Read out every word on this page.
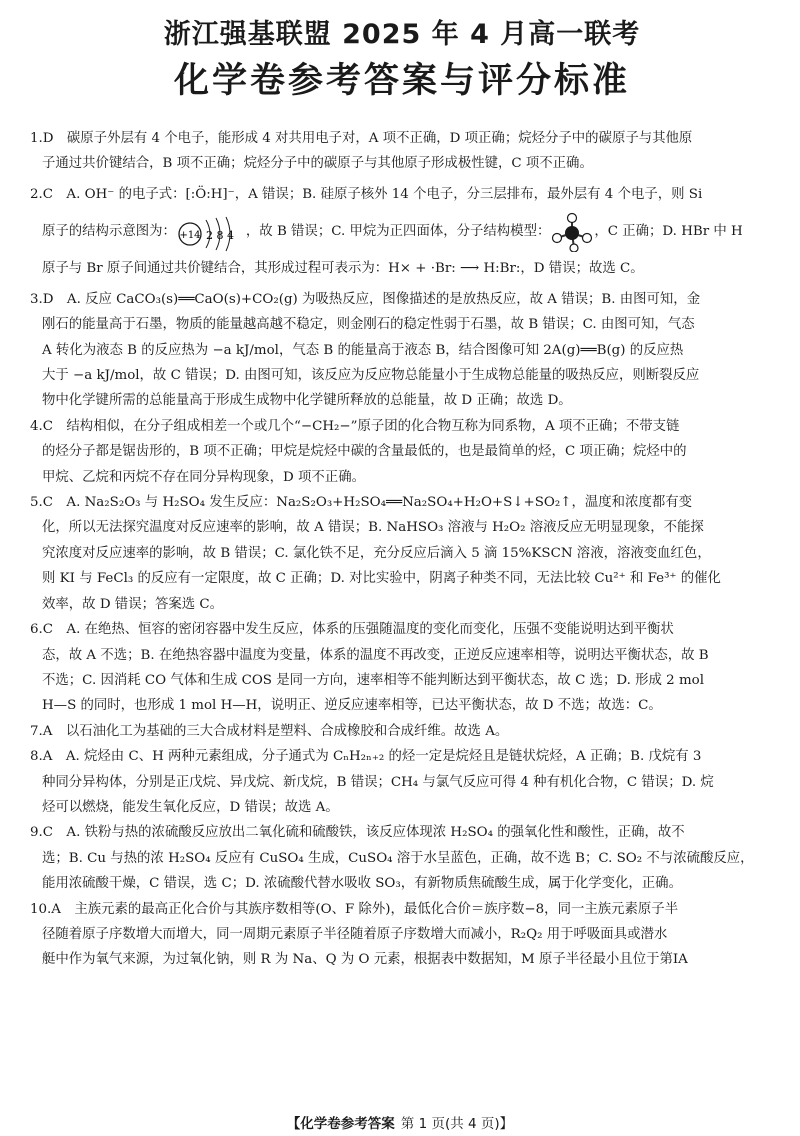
浙江强基联盟 2025 年 4 月高一联考
化学卷参考答案与评分标准

1.D　碳原子外层有 4 个电子，能形成 4 对共用电子对，A 项不正确，D 项正确；烷烃分子中的碳原子与其他原

子通过共价键结合，B 项不正确；烷烃分子中的碳原子与其他原子形成极性键，C 项不正确。

2.C　A. OH⁻ 的电子式：[:Ö:H]⁻，A 错误；B. 硅原子核外 14 个电子，分三层排布，最外层有 4 个电子，则 Si

原子的结构示意图为： +14 2 8 4 ，故 B 错误；C. 甲烷为正四面体，分子结构模型：	，C 正确；D. HBr 中 H

原子与 Br 原子间通过共价键结合，其形成过程可表示为：H× + ·Br: ⟶ H:Br:，D 错误；故选 C。

3.D　A. 反应 CaCO₃(s)══CaO(s)+CO₂(g) 为吸热反应，图像描述的是放热反应，故 A 错误；B. 由图可知，金

刚石的能量高于石墨，物质的能量越高越不稳定，则金刚石的稳定性弱于石墨，故 B 错误；C. 由图可知，气态

A 转化为液态 B 的反应热为 −a kJ/mol，气态 B 的能量高于液态 B，结合图像可知 2A(g)══B(g) 的反应热

大于 −a kJ/mol，故 C 错误；D. 由图可知，该反应为反应物总能量小于生成物总能量的吸热反应，则断裂反应

物中化学键所需的总能量高于形成生成物中化学键所释放的总能量，故 D 正确；故选 D。

4.C　结构相似，在分子组成相差一个或几个“−CH₂−”原子团的化合物互称为同系物，A 项不正确；不带支链

的烃分子都是锯齿形的，B 项不正确；甲烷是烷烃中碳的含量最低的，也是最简单的烃，C 项正确；烷烃中的

甲烷、乙烷和丙烷不存在同分异构现象，D 项不正确。

5.C　A. Na₂S₂O₃ 与 H₂SO₄ 发生反应：Na₂S₂O₃+H₂SO₄══Na₂SO₄+H₂O+S↓+SO₂↑，温度和浓度都有变

化，所以无法探究温度对反应速率的影响，故 A 错误；B. NaHSO₃ 溶液与 H₂O₂ 溶液反应无明显现象，不能探

究浓度对反应速率的影响，故 B 错误；C. 氯化铁不足，充分反应后滴入 5 滴 15%KSCN 溶液，溶液变血红色，

则 KI 与 FeCl₃ 的反应有一定限度，故 C 正确；D. 对比实验中，阴离子种类不同，无法比较 Cu²⁺ 和 Fe³⁺ 的催化

效率，故 D 错误；答案选 C。

6.C　A. 在绝热、恒容的密闭容器中发生反应，体系的压强随温度的变化而变化，压强不变能说明达到平衡状

态，故 A 不选；B. 在绝热容器中温度为变量，体系的温度不再改变，正逆反应速率相等，说明达平衡状态，故 B

不选；C. 因消耗 CO 气体和生成 COS 是同一方向，速率相等不能判断达到平衡状态，故 C 选；D. 形成 2 mol

H—S 的同时，也形成 1 mol H—H，说明正、逆反应速率相等，已达平衡状态，故 D 不选；故选：C。

7.A　以石油化工为基础的三大合成材料是塑料、合成橡胶和合成纤维。故选 A。

8.A　A. 烷烃由 C、H 两种元素组成，分子通式为 CₙH₂ₙ₊₂ 的烃一定是烷烃且是链状烷烃，A 正确；B. 戊烷有 3

种同分异构体，分别是正戊烷、异戊烷、新戊烷，B 错误；CH₄ 与氯气反应可得 4 种有机化合物，C 错误；D. 烷

烃可以燃烧，能发生氧化反应，D 错误；故选 A。

9.C　A. 铁粉与热的浓硫酸反应放出二氧化硫和硫酸铁，该反应体现浓 H₂SO₄ 的强氧化性和酸性，正确，故不

选；B. Cu 与热的浓 H₂SO₄ 反应有 CuSO₄ 生成，CuSO₄ 溶于水呈蓝色，正确，故不选 B；C. SO₂ 不与浓硫酸反应，

能用浓硫酸干燥，C 错误，选 C；D. 浓硫酸代替水吸收 SO₃，有新物质焦硫酸生成，属于化学变化，正确。

10.A　主族元素的最高正化合价与其族序数相等(O、F 除外)，最低化合价＝族序数−8，同一主族元素原子半

径随着原子序数增大而增大，同一周期元素原子半径随着原子序数增大而减小，R₂Q₂ 用于呼吸面具或潜水

艇中作为氧气来源，为过氧化钠，则 R 为 Na、Q 为 O 元素，根据表中数据知，M 原子半径最小且位于第ⅠA

【化学卷参考答案 第 1 页(共 4 页)】
